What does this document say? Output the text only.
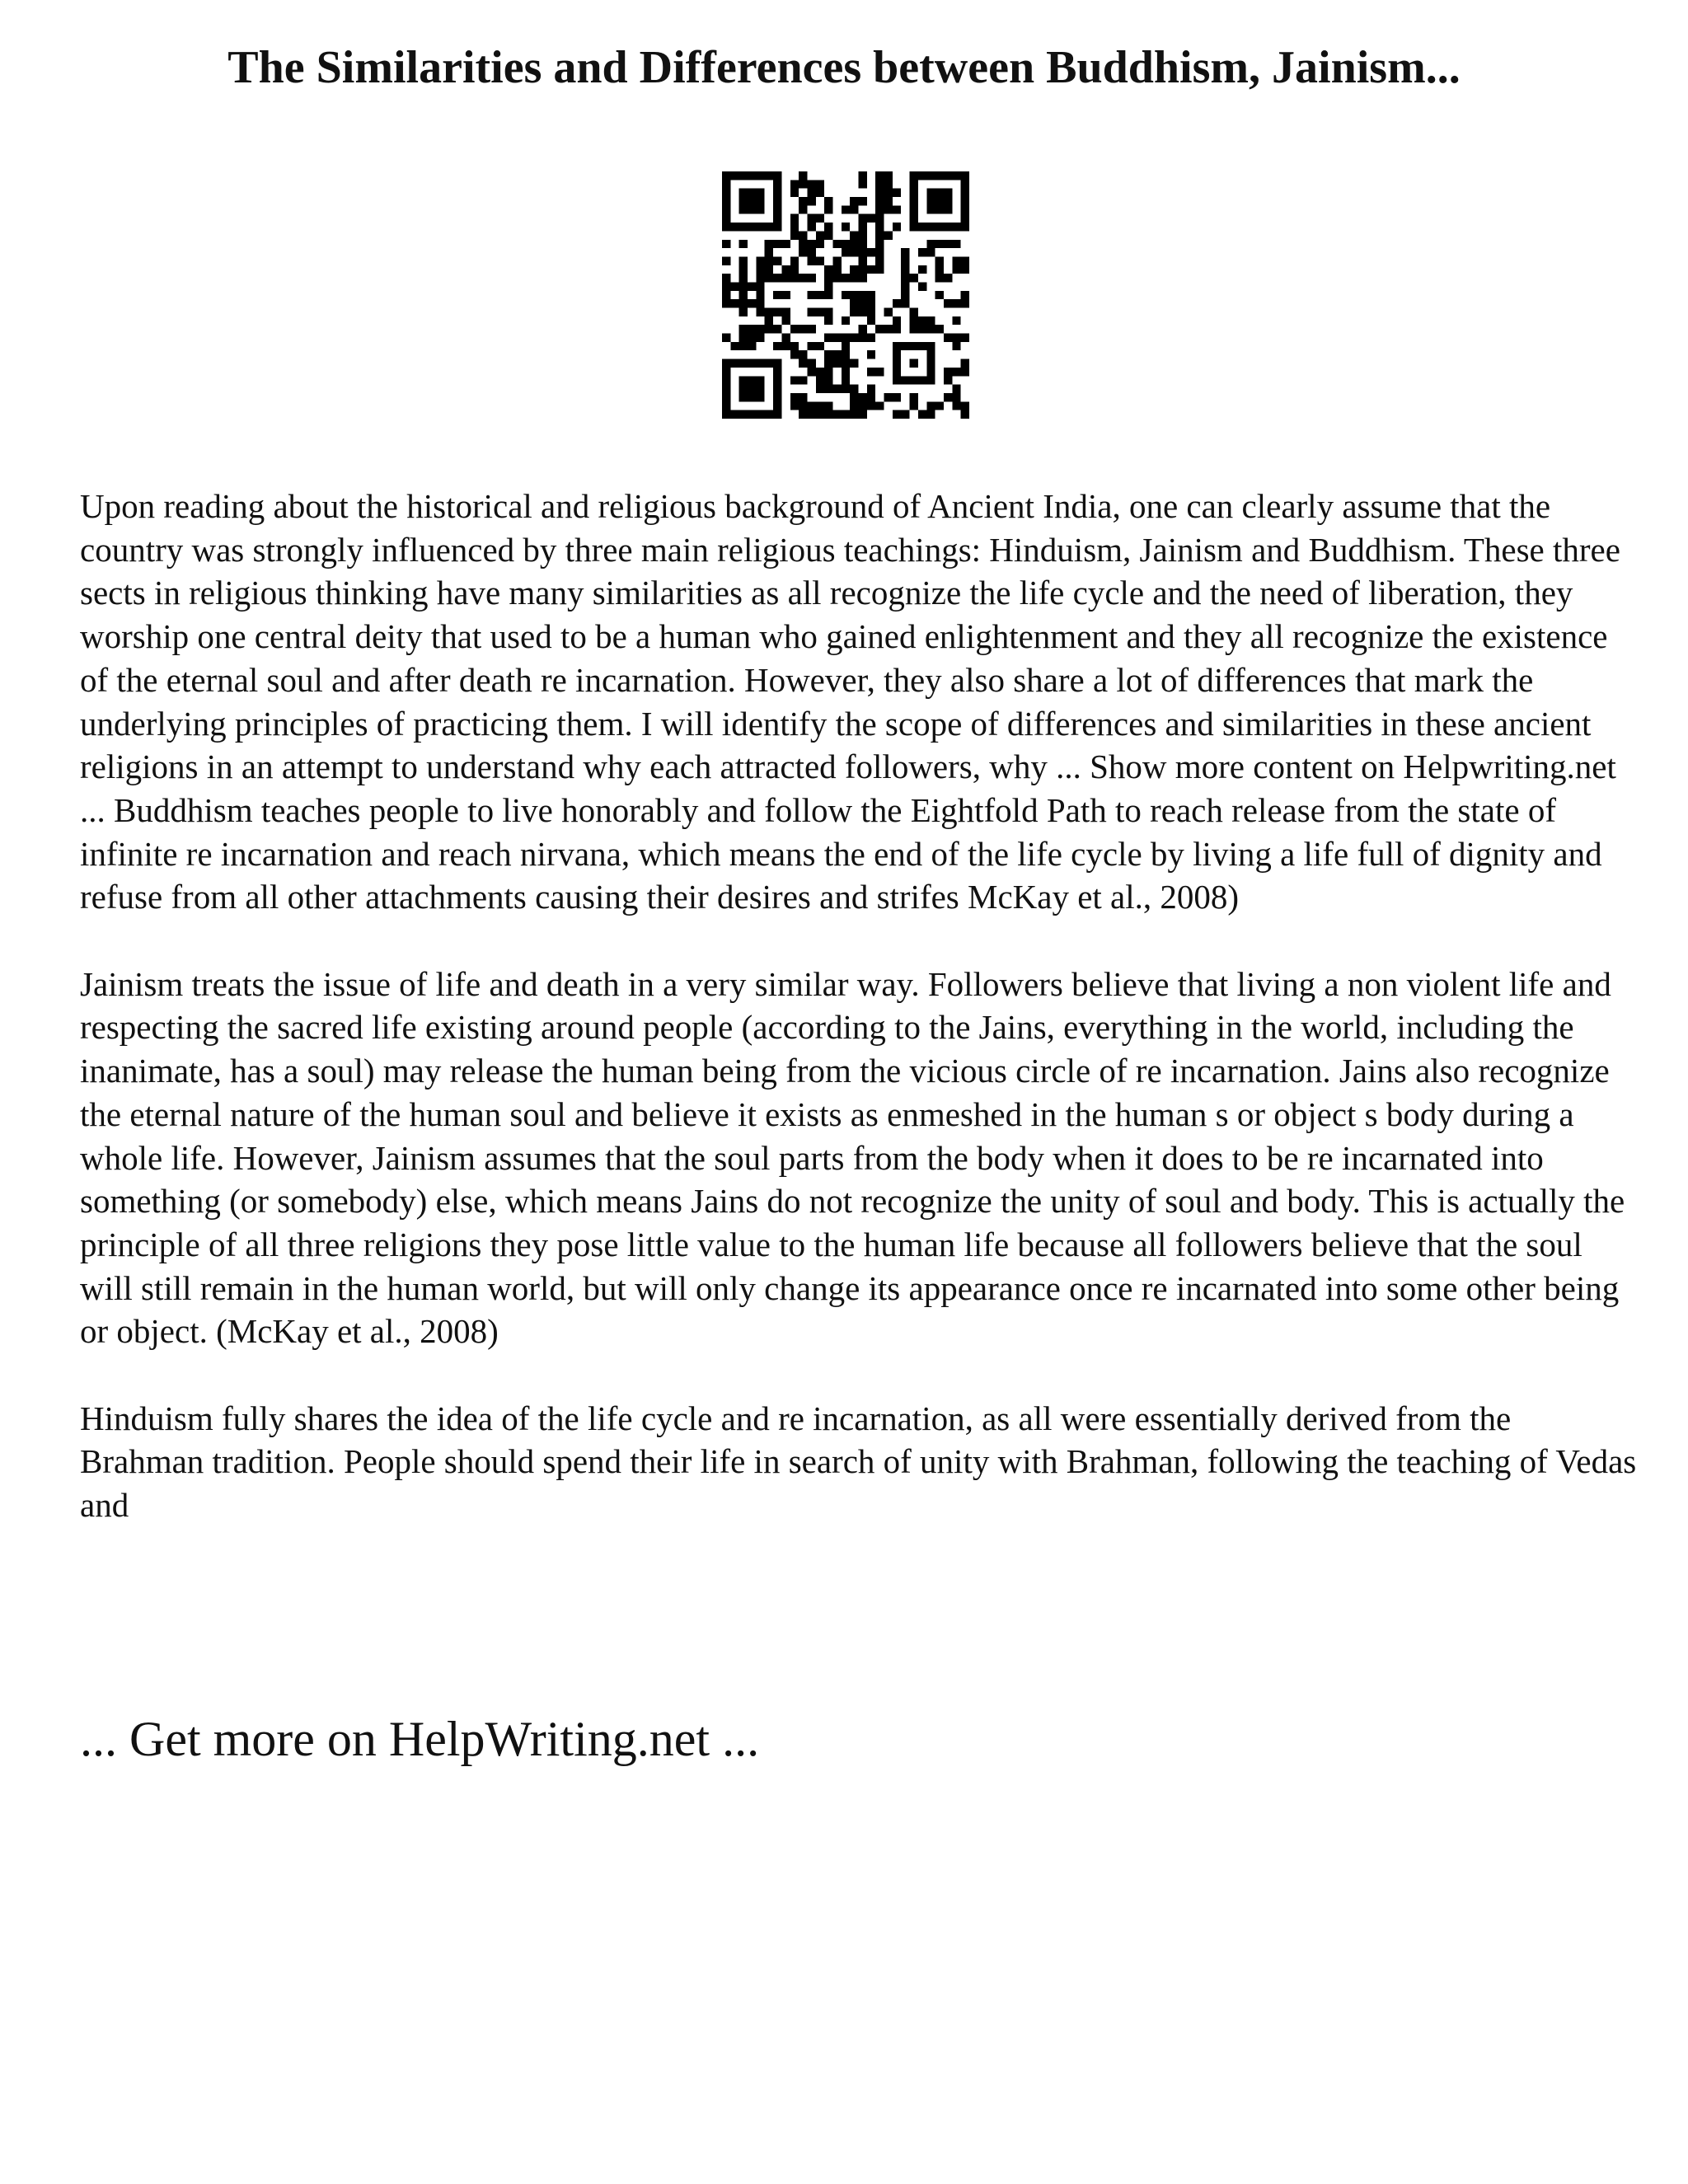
The Similarities and Differences between Buddhism, Jainism...

Upon reading about the historical and religious background of Ancient India, one can clearly assume that the country was strongly influenced by three main religious teachings: Hinduism, Jainism and Buddhism. These three sects in religious thinking have many similarities as all recognize the life cycle and the need of liberation, they worship one central deity that used to be a human who gained enlightenment and they all recognize the existence of the eternal soul and after death re incarnation. However, they also share a lot of differences that mark the underlying principles of practicing them. I will identify the scope of differences and similarities in these ancient religions in an attempt to understand why each attracted followers, why ... Show more content on Helpwriting.net ... Buddhism teaches people to live honorably and follow the Eightfold Path to reach release from the state of infinite re incarnation and reach nirvana, which means the end of the life cycle by living a life full of dignity and refuse from all other attachments causing their desires and strifes McKay et al., 2008)

Jainism treats the issue of life and death in a very similar way. Followers believe that living a non violent life and respecting the sacred life existing around people (according to the Jains, everything in the world, including the inanimate, has a soul) may release the human being from the vicious circle of re incarnation. Jains also recognize the eternal nature of the human soul and believe it exists as enmeshed in the human s or object s body during a whole life. However, Jainism assumes that the soul parts from the body when it does to be re incarnated into something (or somebody) else, which means Jains do not recognize the unity of soul and body. This is actually the principle of all three religions they pose little value to the human life because all followers believe that the soul will still remain in the human world, but will only change its appearance once re incarnated into some other being or object. (McKay et al., 2008)

Hinduism fully shares the idea of the life cycle and re incarnation, as all were essentially derived from the Brahman tradition. People should spend their life in search of unity with Brahman, following the teaching of Vedas and

... Get more on HelpWriting.net ...
